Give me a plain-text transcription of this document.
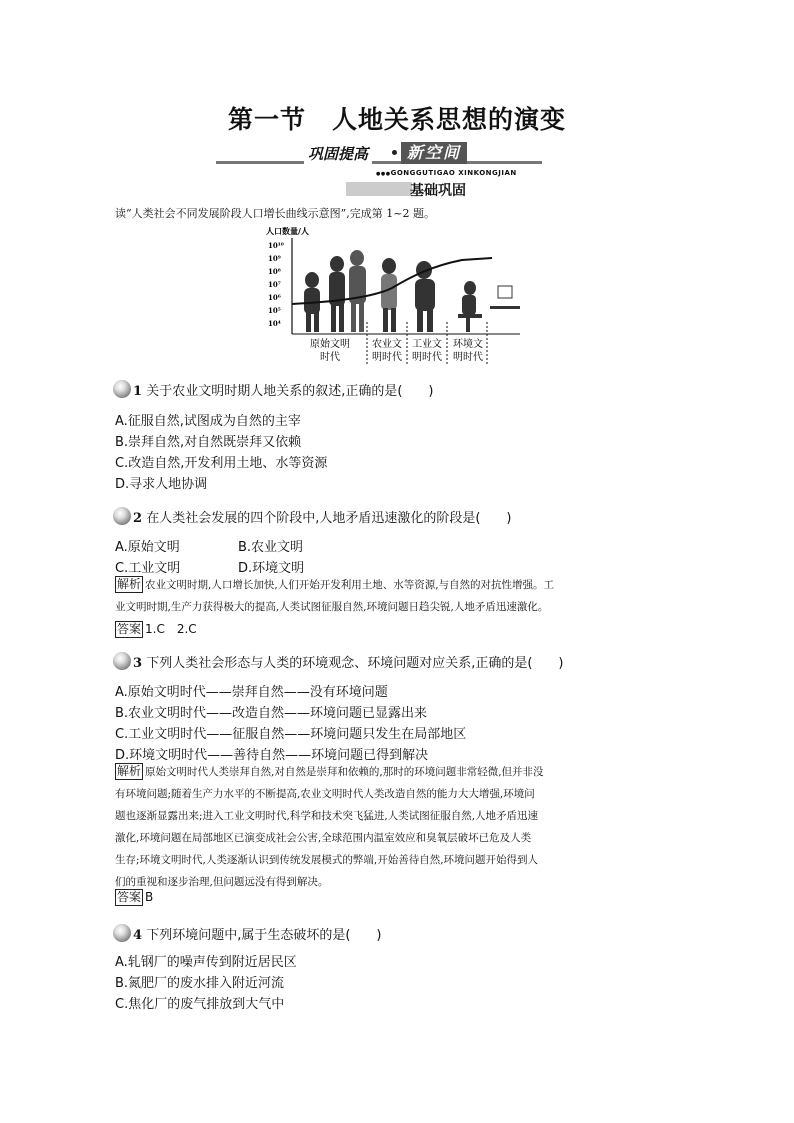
第一节　人地关系思想的演变
巩固提高	新空间
●●● GONGGUTIGAO XINKONGJIAN
基础巩固
读“人类社会不同发展阶段人口增长曲线示意图”,完成第 1~2 题。
人口数量/人
10¹⁰
10⁹
10⁸
10⁷
10⁶
10⁵
10⁴
原始文明
时代
农业文
明时代
工业文
明时代
环境文
明时代
1 关于农业文明时期人地关系的叙述,正确的是(　　)
A.征服自然,试图成为自然的主宰
B.崇拜自然,对自然既崇拜又依赖
C.改造自然,开发利用土地、水等资源
D.寻求人地协调
2 在人类社会发展的四个阶段中,人地矛盾迅速激化的阶段是(　　)
A.原始文明	B.农业文明
C.工业文明	D.环境文明
解析 农业文明时期,人口增长加快,人们开始开发利用土地、水等资源,与自然的对抗性增强。工
业文明时期,生产力获得极大的提高,人类试图征服自然,环境问题日趋尖锐,人地矛盾迅速激化。
答案 1.C　2.C
3 下列人类社会形态与人类的环境观念、环境问题对应关系,正确的是(　　)
A.原始文明时代——崇拜自然——没有环境问题
B.农业文明时代——改造自然——环境问题已显露出来
C.工业文明时代——征服自然——环境问题只发生在局部地区
D.环境文明时代——善待自然——环境问题已得到解决
解析 原始文明时代人类崇拜自然,对自然是崇拜和依赖的,那时的环境问题非常轻微,但并非没
有环境问题;随着生产力水平的不断提高,农业文明时代人类改造自然的能力大大增强,环境问
题也逐渐显露出来;进入工业文明时代,科学和技术突飞猛进,人类试图征服自然,人地矛盾迅速
激化,环境问题在局部地区已演变成社会公害,全球范围内温室效应和臭氧层破坏已危及人类
生存;环境文明时代,人类逐渐认识到传统发展模式的弊端,开始善待自然,环境问题开始得到人
们的重视和逐步治理,但问题远没有得到解决。
答案 B
4 下列环境问题中,属于生态破坏的是(　　)
A.轧钢厂的噪声传到附近居民区
B.氮肥厂的废水排入附近河流
C.焦化厂的废气排放到大气中
